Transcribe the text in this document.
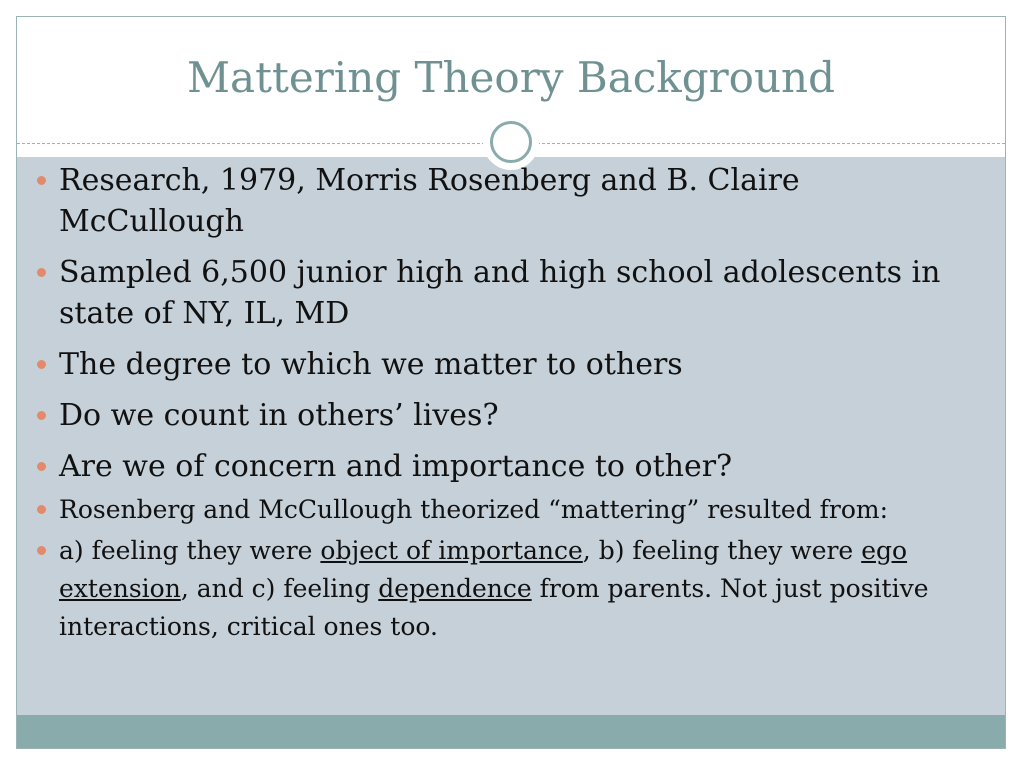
Mattering Theory Background
Research, 1979, Morris Rosenberg and B. Claire McCullough
Sampled 6,500 junior high and high school adolescents in state of NY, IL, MD
The degree to which we matter to others
Do we count in others’ lives?
Are we of concern and importance to other?
Rosenberg and McCullough theorized “mattering” resulted from:
a) feeling they were object of importance, b) feeling they were ego extension, and c) feeling dependence from parents. Not just positive interactions, critical ones too.
